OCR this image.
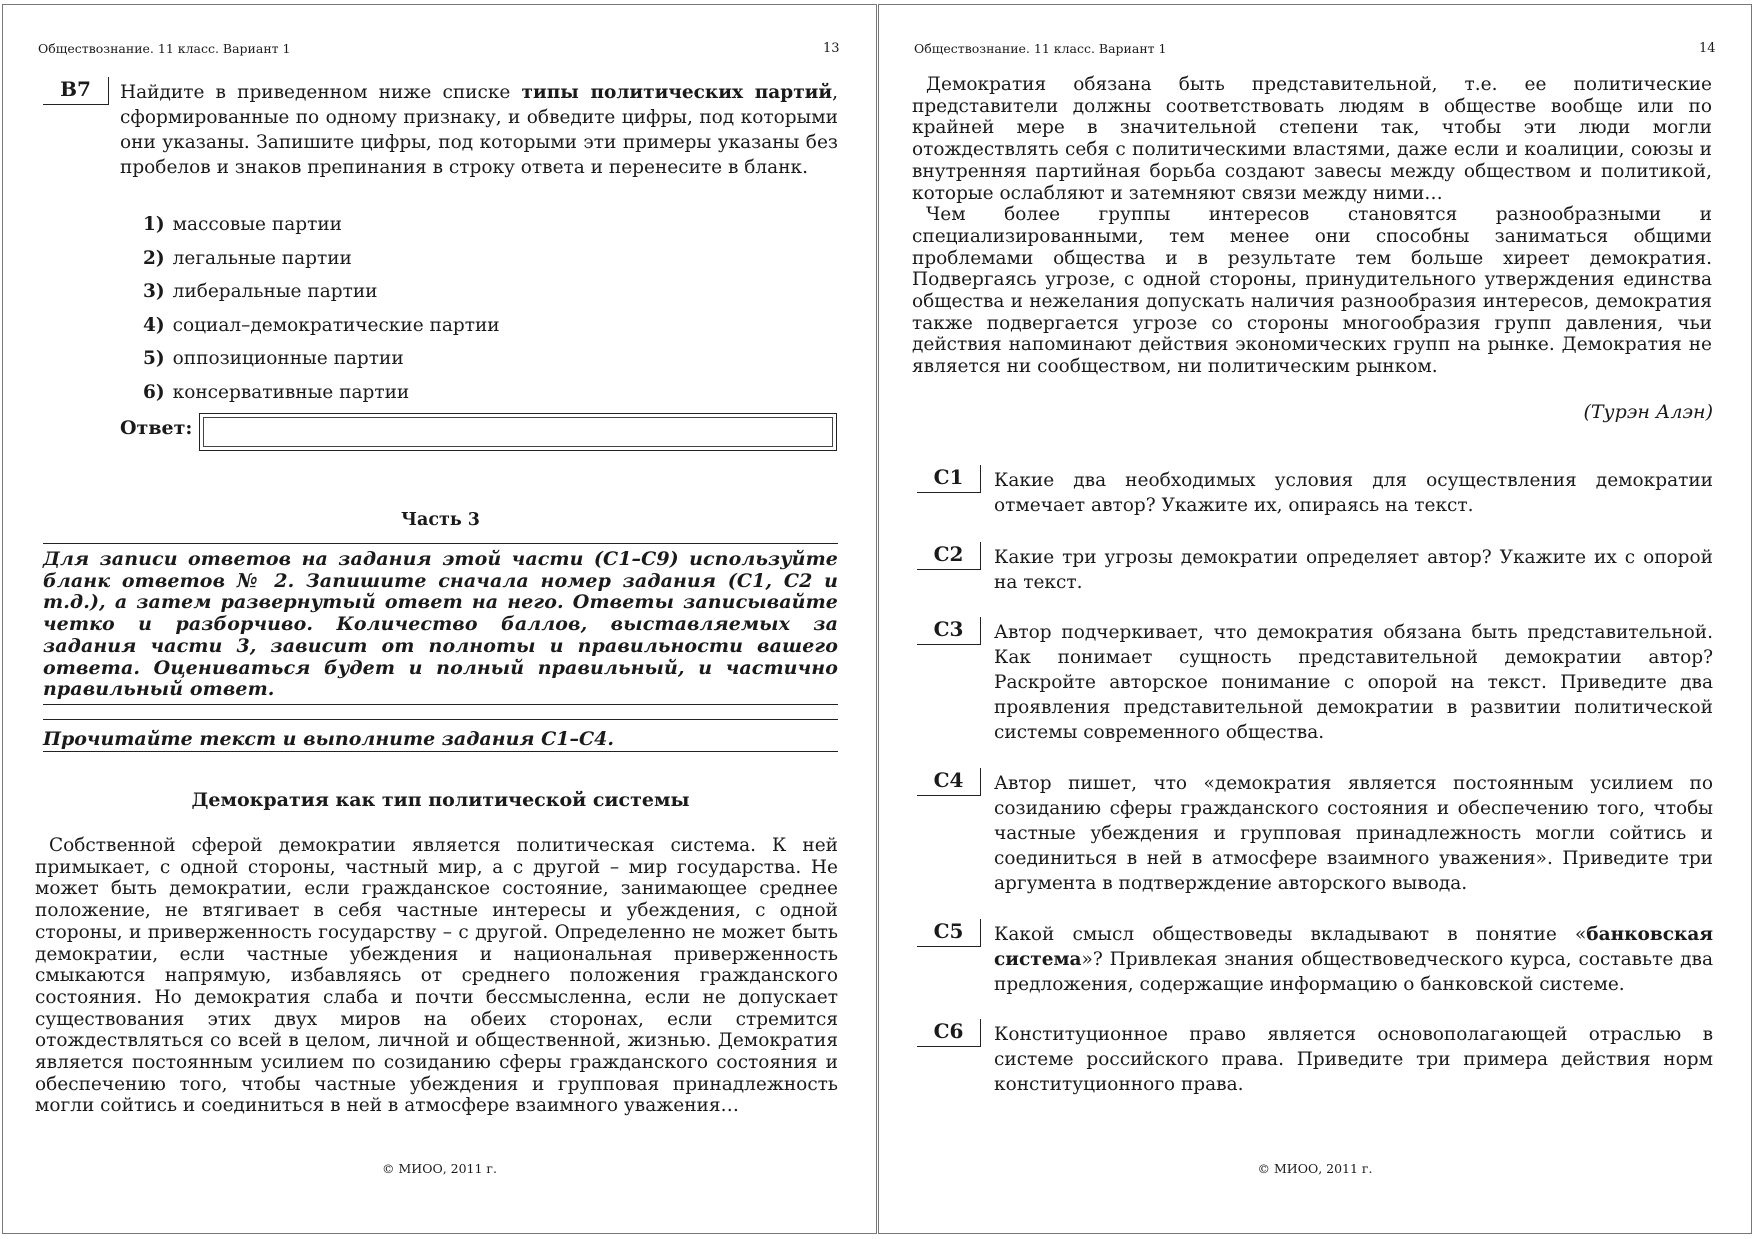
Обществознание. 11 класс. Вариант 1	13
B7	Найдите в приведенном ниже списке типы политических партий, сформированные по одному признаку, и обведите цифры, под которыми они указаны. Запишите цифры, под которыми эти примеры указаны без пробелов и знаков препинания в строку ответа и перенесите в бланк.
1) массовые партии
2) легальные партии
3) либеральные партии
4) социал–демократические партии
5) оппозиционные партии
6) консервативные партии
Ответ:
Часть 3
Для записи ответов на задания этой части (С1–С9) используйте бланк ответов № 2. Запишите сначала номер задания (С1, С2 и т.д.), а затем развернутый ответ на него. Ответы записывайте четко и разборчиво. Количество баллов, выставляемых за задания части 3, зависит от полноты и правильности вашего ответа. Оцениваться будет и полный правильный, и частично правильный ответ.
Прочитайте текст и выполните задания С1–С4.
Демократия как тип политической системы

Собственной сферой демократии является политическая система. К ней примыкает, с одной стороны, частный мир, а с другой – мир государства. Не может быть демократии, если гражданское состояние, занимающее среднее положение, не втягивает в себя частные интересы и убеждения, с одной стороны, и приверженность государству – с другой. Определенно не может быть демократии, если частные убеждения и национальная приверженность смыкаются напрямую, избавляясь от среднего положения гражданского состояния. Но демократия слаба и почти бессмысленна, если не допускает существования этих двух миров на обеих сторонах, если стремится отождествляться со всей в целом, личной и общественной, жизнью. Демократия является постоянным усилием по созиданию сферы гражданского состояния и обеспечению того, чтобы частные убеждения и групповая принадлежность могли сойтись и соединиться в ней в атмосфере взаимного уважения…

© МИОО, 2011 г.
Обществознание. 11 класс. Вариант 1	14

Демократия обязана быть представительной, т.е. ее политические представители должны соответствовать людям в обществе вообще или по крайней мере в значительной степени так, чтобы эти люди могли отождествлять себя с политическими властями, даже если и коалиции, союзы и внутренняя партийная борьба создают завесы между обществом и политикой, которые ослабляют и затемняют связи между ними…

Чем более группы интересов становятся разнообразными и специализированными, тем менее они способны заниматься общими проблемами общества и в результате тем больше хиреет демократия. Подвергаясь угрозе, с одной стороны, принудительного утверждения единства общества и нежелания допускать наличия разнообразия интересов, демократия также подвергается угрозе со стороны многообразия групп давления, чьи действия напоминают действия экономических групп на рынке. Демократия не является ни сообществом, ни политическим рынком.

(Турэн Алэн)
С1	Какие два необходимых условия для осуществления демократии отмечает автор? Укажите их, опираясь на текст.
С2	Какие три угрозы демократии определяет автор? Укажите их с опорой на текст.
С3	Автор подчеркивает, что демократия обязана быть представительной. Как понимает сущность представительной демократии автор? Раскройте авторское понимание с опорой на текст. Приведите два проявления представительной демократии в развитии политической системы современного общества.
С4	Автор пишет, что «демократия является постоянным усилием по созиданию сферы гражданского состояния и обеспечению того, чтобы частные убеждения и групповая принадлежность могли сойтись и соединиться в ней в атмосфере взаимного уважения». Приведите три аргумента в подтверждение авторского вывода.
С5	Какой смысл обществоведы вкладывают в понятие «банковская система»? Привлекая знания обществоведческого курса, составьте два предложения, содержащие информацию о банковской системе.
С6	Конституционное право является основополагающей отраслью в системе российского права. Приведите три примера действия норм конституционного права.
© МИОО, 2011 г.
